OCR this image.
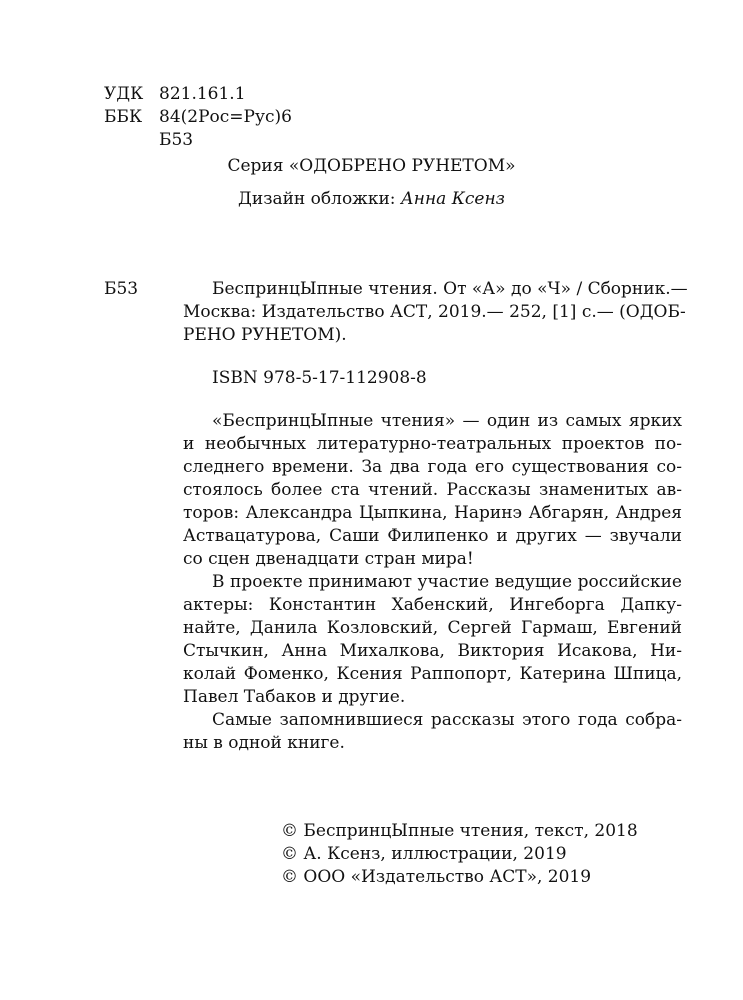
УДК 821.161.1
ББК 84(2Рос=Рус)6
Б53
Серия «ОДОБРЕНО РУНЕТОМ»
Дизайн обложки: Анна Ксенз
Б53	БеспринцЫпные чтения. От «А» до «Ч» / Сборник.—
Москва: Издательство АСТ, 2019.— 252, [1] с.— (ОДОБ-
РЕНО РУНЕТОМ).
ISBN 978-5-17-112908-8
«БеспринцЫпные чтения» — один из самых ярких
и необычных литературно-театральных проектов по-
следнего времени. За два года его существования со-
стоялось более ста чтений. Рассказы знаменитых ав-
торов: Александра Цыпкина, Наринэ Абгарян, Андрея
Аствацатурова, Саши Филипенко и других — звучали
со сцен двенадцати стран мира!
В проекте принимают участие ведущие российские
актеры: Константин Хабенский, Ингеборга Дапку-
найте, Данила Козловский, Сергей Гармаш, Евгений
Стычкин, Анна Михалкова, Виктория Исакова, Ни-
колай Фоменко, Ксения Раппопорт, Катерина Шпица,
Павел Табаков и другие.
Самые запомнившиеся рассказы этого года собра-
ны в одной книге.
© БеспринцЫпные чтения, текст, 2018
© А. Ксенз, иллюстрации, 2019
© ООО «Издательство АСТ», 2019
